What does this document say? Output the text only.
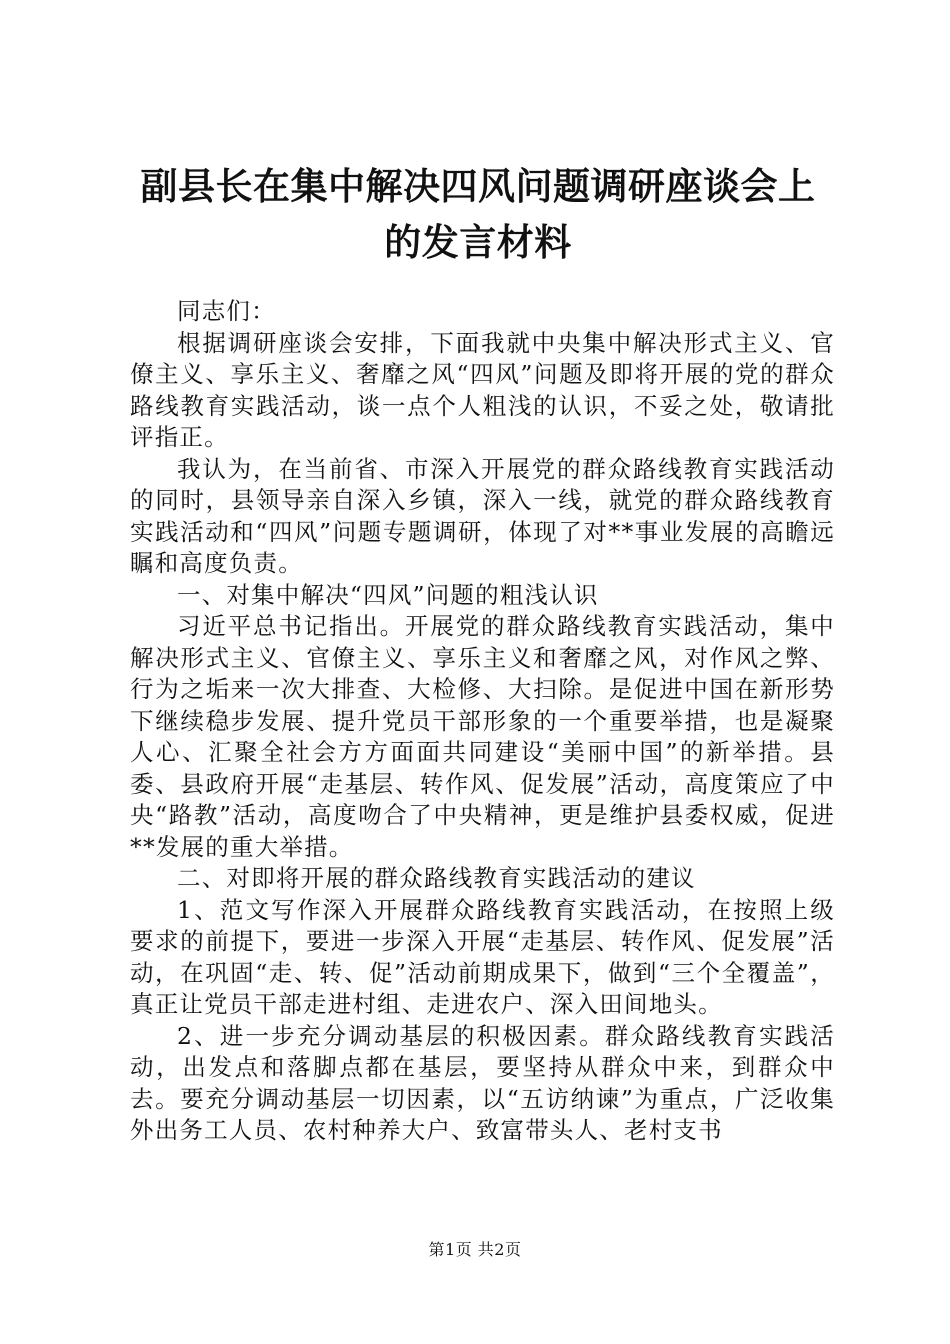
副县长在集中解决四风问题调研座谈会上的发言材料

同志们：

根据调研座谈会安排，下面我就中央集中解决形式主义、官僚主义、享乐主义、奢靡之风“四风”问题及即将开展的党的群众路线教育实践活动，谈一点个人粗浅的认识，不妥之处，敬请批评指正。

我认为，在当前省、市深入开展党的群众路线教育实践活动的同时，县领导亲自深入乡镇，深入一线，就党的群众路线教育实践活动和“四风”问题专题调研，体现了对**事业发展的高瞻远瞩和高度负责。

一、对集中解决“四风”问题的粗浅认识

习近平总书记指出。开展党的群众路线教育实践活动，集中解决形式主义、官僚主义、享乐主义和奢靡之风，对作风之弊、行为之垢来一次大排查、大检修、大扫除。是促进中国在新形势下继续稳步发展、提升党员干部形象的一个重要举措，也是凝聚人心、汇聚全社会方方面面共同建设“美丽中国”的新举措。县委、县政府开展“走基层、转作风、促发展”活动，高度策应了中央“路教”活动，高度吻合了中央精神，更是维护县委权威，促进**发展的重大举措。

二、对即将开展的群众路线教育实践活动的建议

1、范文写作深入开展群众路线教育实践活动，在按照上级要求的前提下，要进一步深入开展“走基层、转作风、促发展”活动，在巩固“走、转、促”活动前期成果下，做到“三个全覆盖”，真正让党员干部走进村组、走进农户、深入田间地头。

2、进一步充分调动基层的积极因素。群众路线教育实践活动，出发点和落脚点都在基层，要坚持从群众中来，到群众中去。要充分调动基层一切因素，以“五访纳谏”为重点，广泛收集外出务工人员、农村种养大户、致富带头人、老村支书

第1页 共2页
